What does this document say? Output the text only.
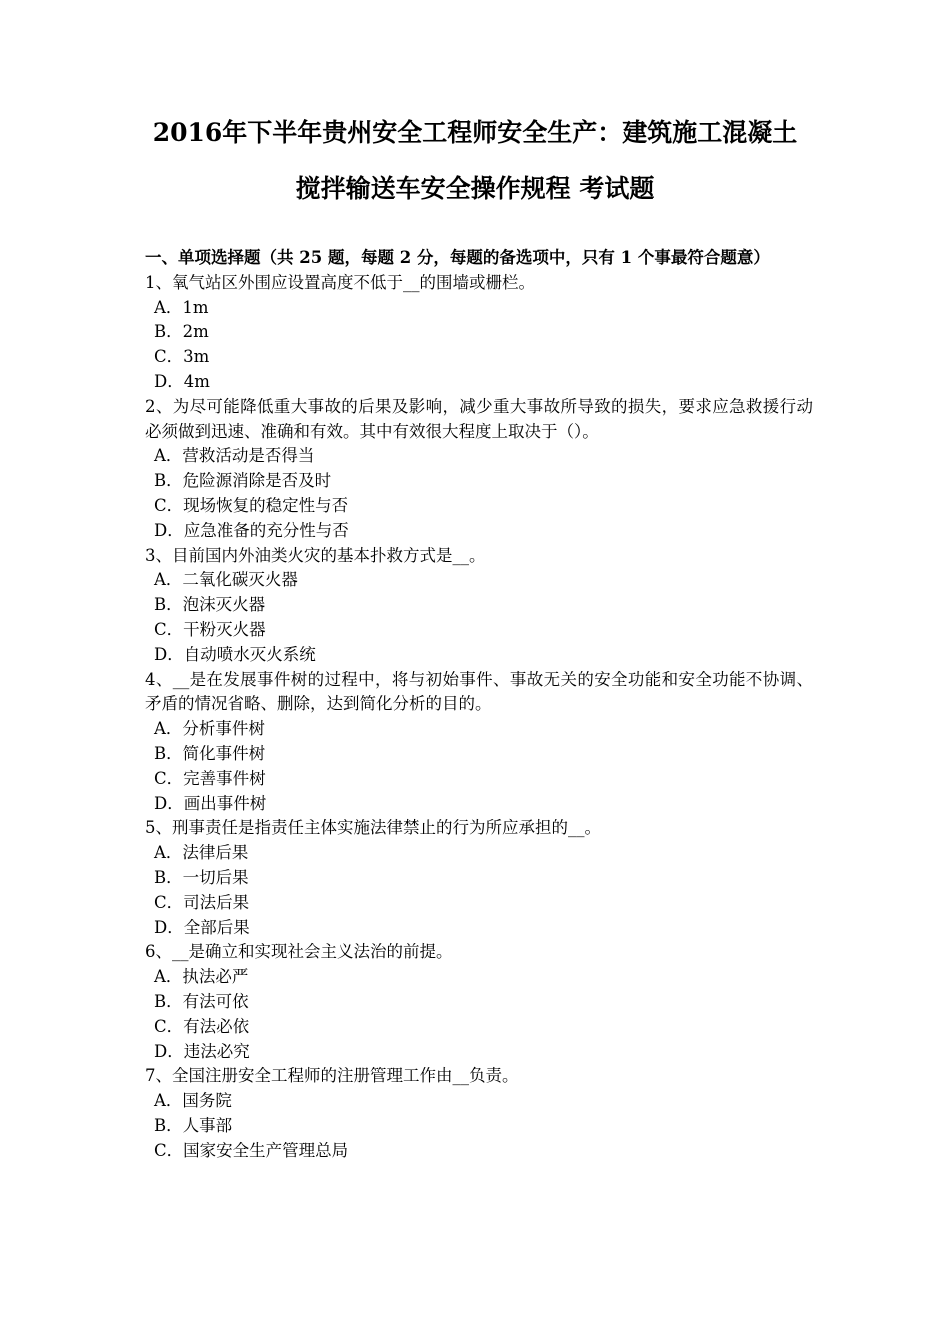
2016年下半年贵州安全工程师安全生产：建筑施工混凝土
搅拌输送车安全操作规程 考试题
一、单项选择题（共 25 题，每题 2 分，每题的备选项中，只有 1 个事最符合题意）
1、氧气站区外围应设置高度不低于__的围墙或栅栏。
A．1m
B．2m
C．3m
D．4m
2、为尽可能降低重大事故的后果及影响，减少重大事故所导致的损失，要求应急救援行动必须做到迅速、准确和有效。其中有效很大程度上取决于（）。
A．营救活动是否得当
B．危险源消除是否及时
C．现场恢复的稳定性与否
D．应急准备的充分性与否
3、目前国内外油类火灾的基本扑救方式是__。
A．二氧化碳灭火器
B．泡沫灭火器
C．干粉灭火器
D．自动喷水灭火系统
4、__是在发展事件树的过程中，将与初始事件、事故无关的安全功能和安全功能不协调、矛盾的情况省略、删除，达到简化分析的目的。
A．分析事件树
B．简化事件树
C．完善事件树
D．画出事件树
5、刑事责任是指责任主体实施法律禁止的行为所应承担的__。
A．法律后果
B．一切后果
C．司法后果
D．全部后果
6、__是确立和实现社会主义法治的前提。
A．执法必严
B．有法可依
C．有法必依
D．违法必究
7、全国注册安全工程师的注册管理工作由__负责。
A．国务院
B．人事部
C．国家安全生产管理总局
